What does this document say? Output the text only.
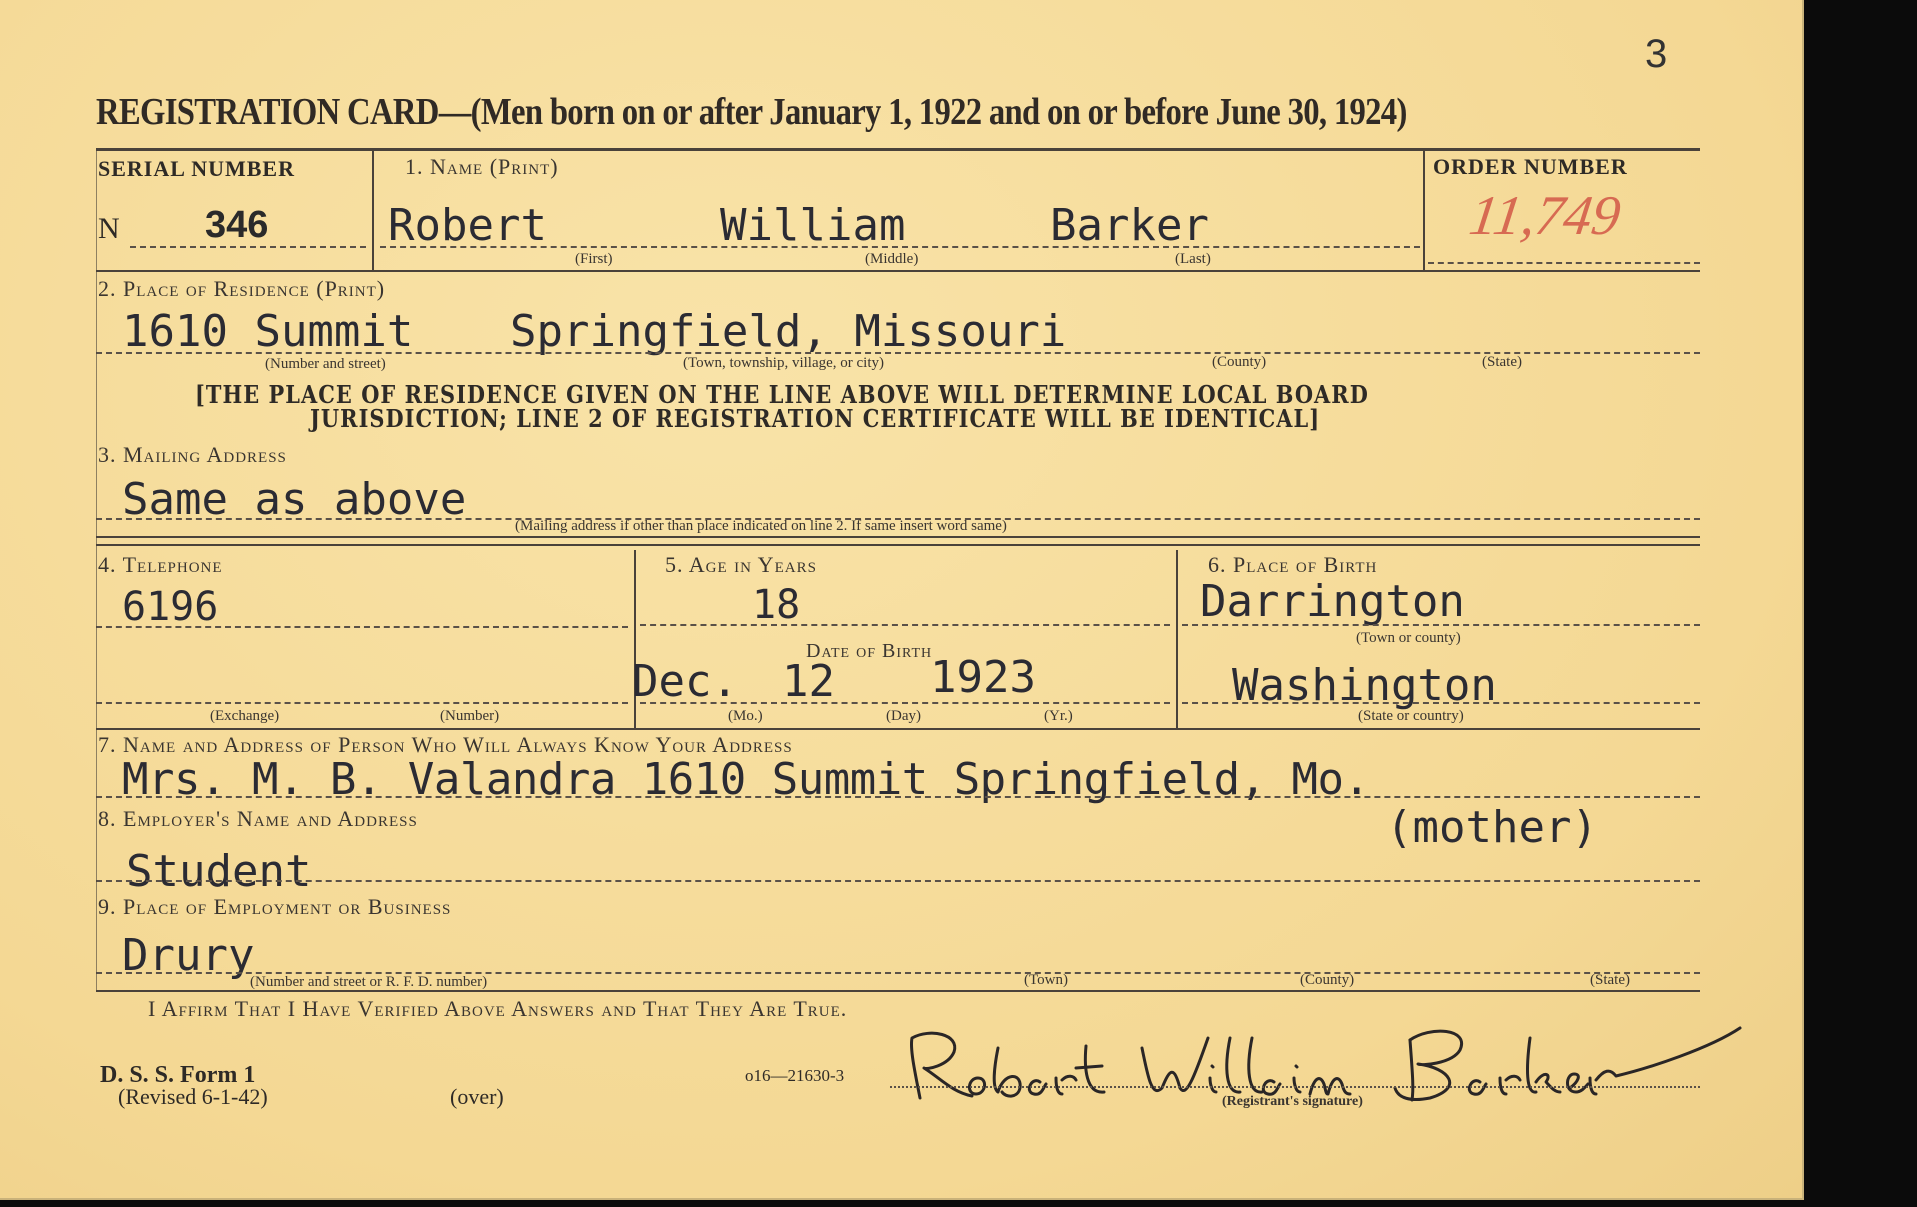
3
REGISTRATION CARD—(Men born on or after January 1, 1922 and on or before June 30, 1924)
SERIAL NUMBER
N 346
1. Name (Print)
Robert	William	Barker
(First)	(Middle)	(Last)
ORDER NUMBER
11,749
2. Place of Residence (Print)
1610 Summit Springfield, Missouri
(Number and street)	(Town, township, village, or city)	(County)	(State)
[THE PLACE OF RESIDENCE GIVEN ON THE LINE ABOVE WILL DETERMINE LOCAL BOARD
JURISDICTION; LINE 2 OF REGISTRATION CERTIFICATE WILL BE IDENTICAL]
3. Mailing Address
Same as above
(Mailing address if other than place indicated on line 2. If same insert word same)
4. Telephone
6196
(Exchange)	(Number)
5. Age in Years
18
Date of Birth
Dec. 12 1923
(Mo.)	(Day)	(Yr.)
6. Place of Birth
Darrington
(Town or county)
Washington
(State or country)
7. Name and Address of Person Who Will Always Know Your Address
Mrs. M. B. Valandra 1610 Summit Springfield, Mo.
8. Employer's Name and Address	(mother)
Student
9. Place of Employment or Business
Drury
(Number and street or R. F. D. number)	(Town)	(County)	(State)
I Affirm That I Have Verified Above Answers and That They Are True.
D. S. S. Form 1
(Revised 6-1-42)	(over)
o16—21630-3
(Registrant's signature)
